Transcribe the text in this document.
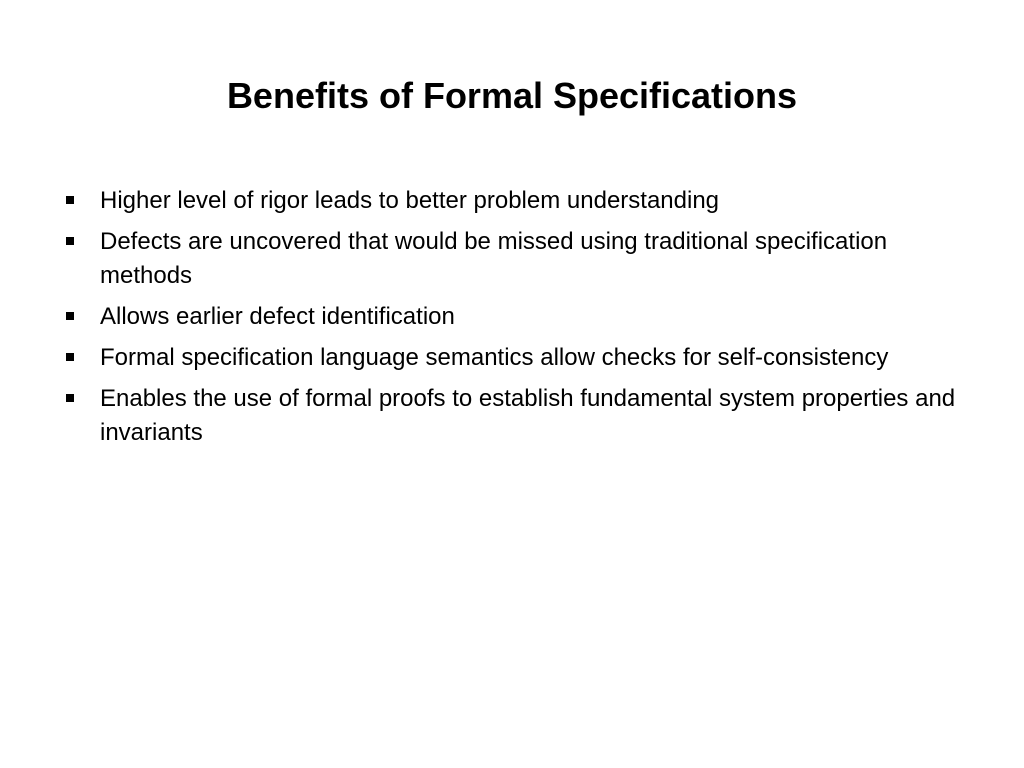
Benefits of Formal Specifications
Higher level of rigor leads to better problem understanding
Defects are uncovered that would be missed using traditional specification methods
Allows earlier defect identification
Formal specification language semantics allow checks for self-consistency
Enables the use of formal proofs to establish fundamental system properties and invariants
